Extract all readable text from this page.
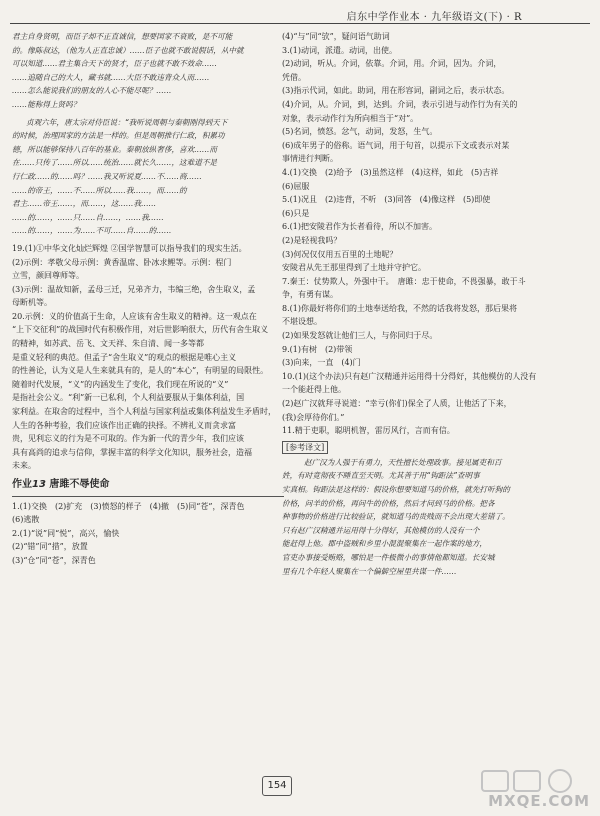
启东中学作业本 · 九年级语文(下) · R

君主自身贤明，而臣子却不正直诚信，想要国家不衰败，是不可能

的。像陈叔达，（他为人正直忠诚）……臣子也就不敢说假话，从中就

可以知道……君主集合天下的贤才，臣子也就不敢不效命……

……追随自己的大人，藏书就……大臣不敢违背众人而……

……怎么能说我们的朋友的人心不能尽呢？……

……能称得上贤吗？

贞观六年，唐太宗对侍臣说：“我听说周朝与秦朝刚得到天下

的时候，治理国家的方法是一样的。但是周朝推行仁政，积累功

德，所以能够保持八百年的基业。秦朝放纵奢侈，喜欢……而

在……只传了……所以……统治……就长久……，这难道不是

行仁政……的……吗？……我又听说夏……不……商……

……的帝王，……不……所以……我……，而……的

君主……帝王……，而……，这……我……

……的……，……只……自……，……我……

……的……，……为……不可……自……的……

19.(1)①中华文化灿烂辉煌 ②国学智慧可以指导我们的现实生活。

(2)示例：孝敬父母示例：黄香温席、卧冰求鲤等。示例：程门

立雪，颜回尊师等。

(3)示例：温故知新，孟母三迁，兄弟齐力，韦编三绝，舍生取义，孟

母断机等。

20.示例：义的价值高于生命，人应该有舍生取义的精神。这一观点在

“上下交征利”的战国时代有积极作用，对后世影响很大，历代有舍生取义

的精神，如苏武、岳飞、文天祥、朱自清、闻一多等都

是重义轻利的典范。但孟子“舍生取义”的观点的根据是唯心主义

的性善论，认为义是人生来就具有的，是人的“本心”，有明显的局限性。

随着时代发展，“义”的内涵发生了变化，我们现在所说的“义”

是指社会公义。“利”新一已私利，个人利益要服从于集体利益，国

家利益。在取舍的过程中，当个人利益与国家利益或集体利益发生矛盾时，

人生的各种考验，我们应该作出正确的抉择。不辨礼义而贪求富

贵，见利忘义的行为是不可取的。作为新一代的青少年，我们应该

具有高尚的追求与信仰，掌握丰富的科学文化知识，服务社会，造福

未来。

作业13 唐雎不辱使命

1.(1)交换　(2)扩充　(3)愤怒的样子　(4)撤　(5)同“苍”，深青色

(6)逃散

2.(1)“说”同“悦”，高兴，愉快

(2)“错”同“措”，放置

(3)“仓”同“苍”，深青色

(4)“与”同“欤”，疑问语气助词

3.(1)动词，派遣。动词，出使。

(2)动词，听从。介词，依靠。介词，用。介词，因为。介词，

凭借。

(3)指示代词，如此。助词，用在形容词，副词之后，表示状态。

(4)介词，从。介词，到，达到。介词，表示引进与动作行为有关的

对象，表示动作行为所向相当于“对”。

(5)名词，愤怒。忿气，动词，发怒，生气。

(6)成年男子的俗称。语气词，用于句首，以提示下文或表示对某

事情进行判断。

4.(1)交换　(2)给予　(3)虽然这样　(4)这样，如此　(5)吉祥

(6)屈服

5.(1)况且　(2)违背，不听　(3)同答　(4)像这样　(5)即使

(6)只是

6.(1)把安陵君作为长者看待，所以不加害。

(2)是轻视我吗？

(3)何况仅仅用五百里的土地呢？

安陵君从先王那里得到了土地并守护它。

7.秦王：仗势欺人，外强中干。　唐雎：忠于使命，不畏强暴，敢于斗

争，有勇有谋。

8.(1)你最好将你们的土地奉送给我，不然的话我将发怒，那后果将

不堪设想。

(2)如果发怒就让他们三人，与你同归于尽。

9.(1)有树　(2)带领

(3)向来，一直　(4)门

10.(1)(这个办法)只有赵广汉精通并运用得十分得好，其他模仿的人没有

一个能赶得上他。

(2)赵广汉就拜寻说道：“幸亏(你们)保全了人质，让他活了下来，

(我)会厚待你们。”

11.精于吏职，聪明机智，雷厉风行，言而有信。

[参考译文]

赵广汉为人强于有勇力，天性擅长处理政事。接见属吏和百

姓，有时竟彻夜不睡直至天明。尤其善于用“钩距法”查明事

实真相。钩距法是这样的：假设你想要知道马的价格，就先打听狗的

价格，问羊的价格，再问牛的价格，然后才问到马的价格。把各

种事物的价格进行比较验证，就知道马的贵贱而不会出现大差错了。

只有赵广汉精通并运用得十分得好，其他模仿的人没有一个

能赶得上他。郡中盗贼和乡里小混混聚集在一起作案的地方，

官吏办事接受贿赂，哪怕是一件极微小的事情他都知道。长安城

里有几个年轻人聚集在一个偏僻空屋里共谋一件……

154
MXQE.COM
